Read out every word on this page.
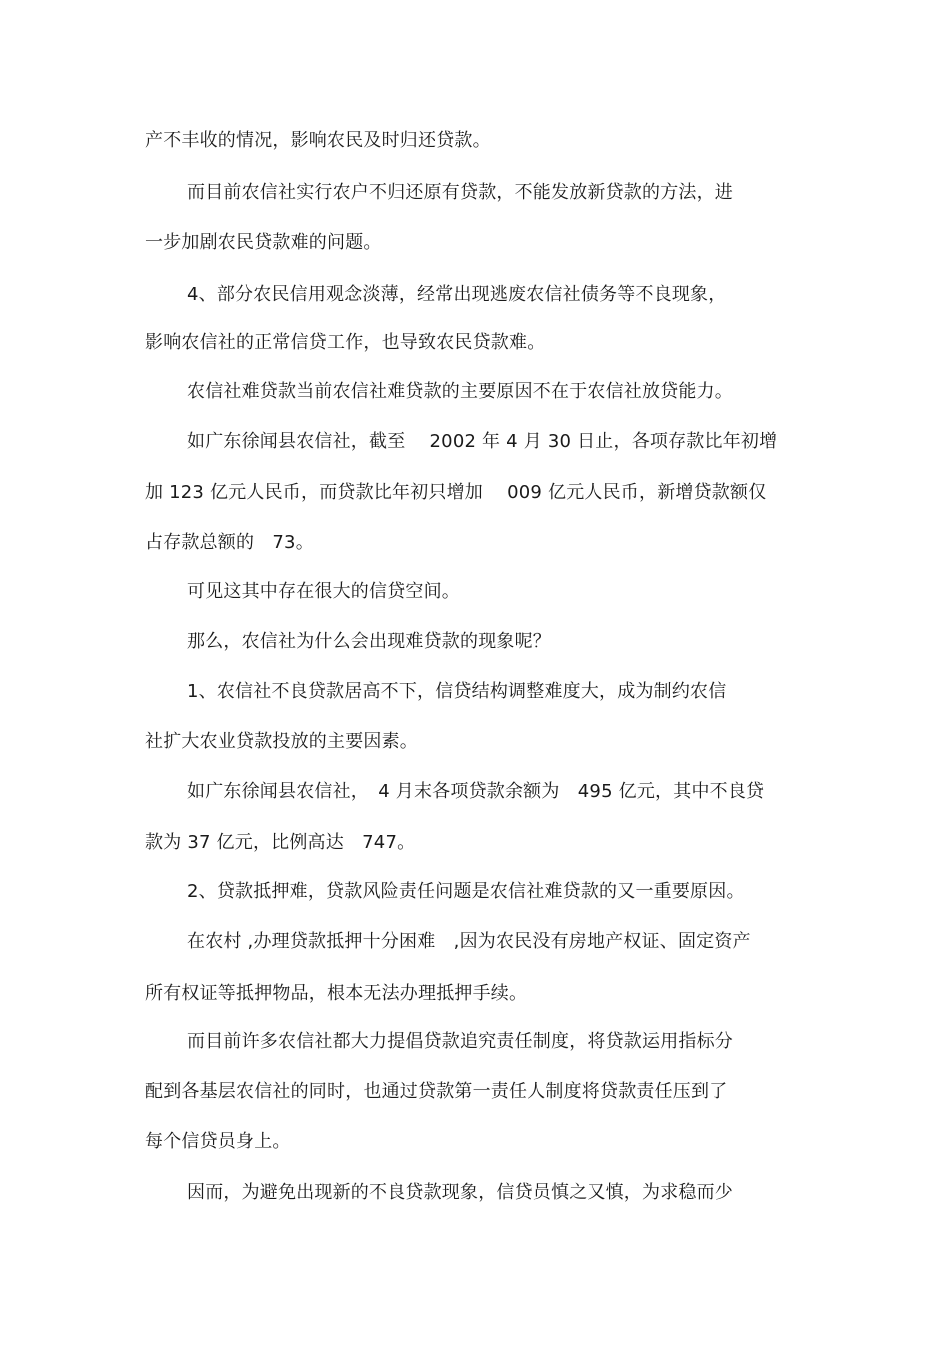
产不丰收的情况，影响农民及时归还贷款。
而目前农信社实行农户不归还原有贷款，不能发放新贷款的方法，进
一步加剧农民贷款难的问题。
4、部分农民信用观念淡薄，经常出现逃废农信社债务等不良现象，
影响农信社的正常信贷工作，也导致农民贷款难。
农信社难贷款当前农信社难贷款的主要原因不在于农信社放贷能力。
如广东徐闻县农信社，截至　 2002 年 4 月 30 日止，各项存款比年初增
加 123 亿元人民币，而贷款比年初只增加　 009 亿元人民币，新增贷款额仅
占存款总额的　73。
可见这其中存在很大的信贷空间。
那么，农信社为什么会出现难贷款的现象呢？
1、农信社不良贷款居高不下，信贷结构调整难度大，成为制约农信
社扩大农业贷款投放的主要因素。
如广东徐闻县农信社，　4 月末各项贷款余额为　495 亿元，其中不良贷
款为 37 亿元，比例高达　747。
2、贷款抵押难，贷款风险责任问题是农信社难贷款的又一重要原因。
在农村 ,办理贷款抵押十分困难　,因为农民没有房地产权证、固定资产
所有权证等抵押物品，根本无法办理抵押手续。
而目前许多农信社都大力提倡贷款追究责任制度，将贷款运用指标分
配到各基层农信社的同时，也通过贷款第一责任人制度将贷款责任压到了
每个信贷员身上。
因而，为避免出现新的不良贷款现象，信贷员慎之又慎，为求稳而少
